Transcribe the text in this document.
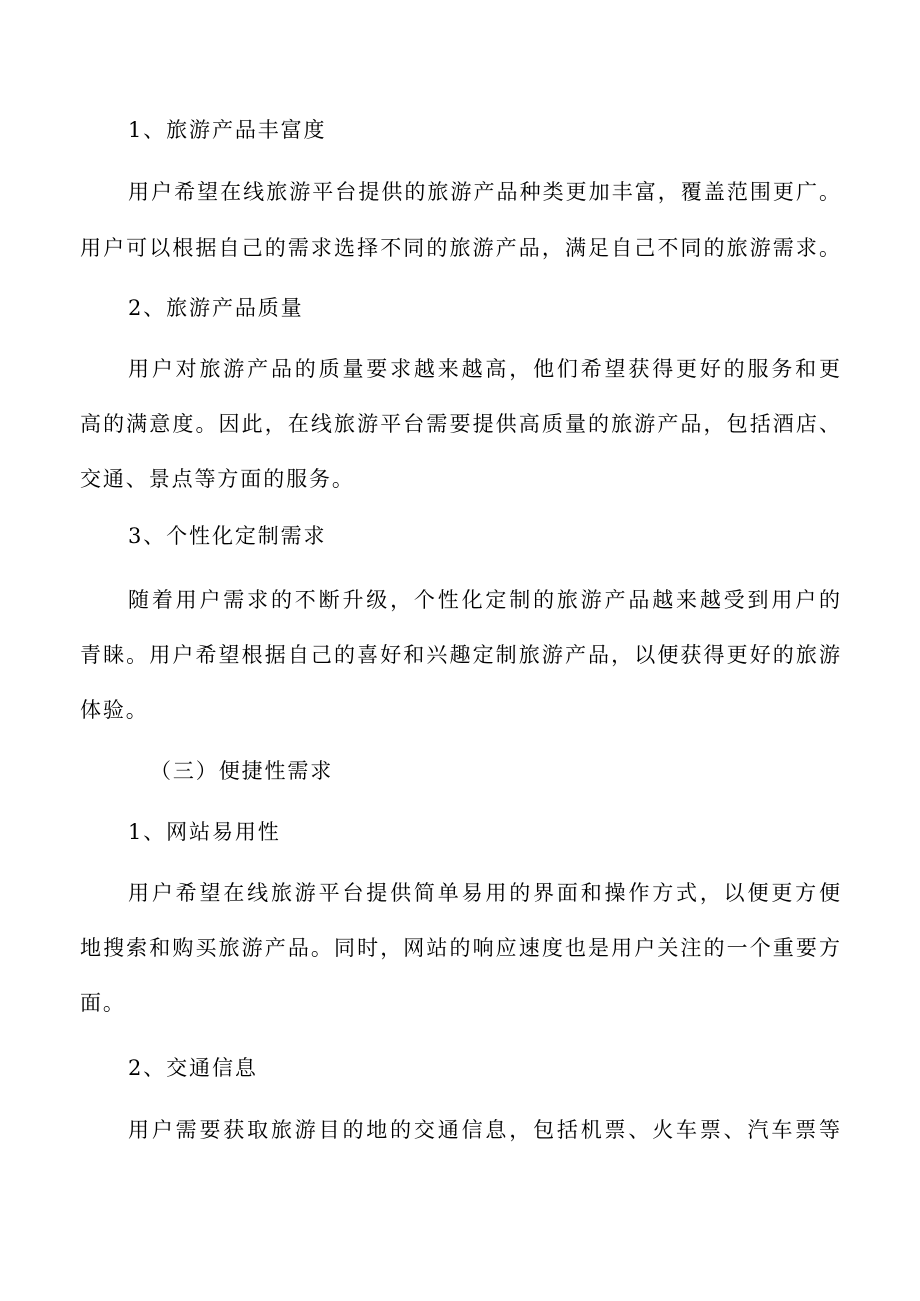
1、旅游产品丰富度

用户希望在线旅游平台提供的旅游产品种类更加丰富，覆盖范围更广。

用户可以根据自己的需求选择不同的旅游产品，满足自己不同的旅游需求。

2、旅游产品质量

用户对旅游产品的质量要求越来越高，他们希望获得更好的服务和更

高的满意度。因此，在线旅游平台需要提供高质量的旅游产品，包括酒店、

交通、景点等方面的服务。

3、个性化定制需求

随着用户需求的不断升级，个性化定制的旅游产品越来越受到用户的

青睐。用户希望根据自己的喜好和兴趣定制旅游产品，以便获得更好的旅游

体验。

（三）便捷性需求

1、网站易用性

用户希望在线旅游平台提供简单易用的界面和操作方式，以便更方便

地搜索和购买旅游产品。同时，网站的响应速度也是用户关注的一个重要方

面。

2、交通信息

用户需要获取旅游目的地的交通信息，包括机票、火车票、汽车票等
